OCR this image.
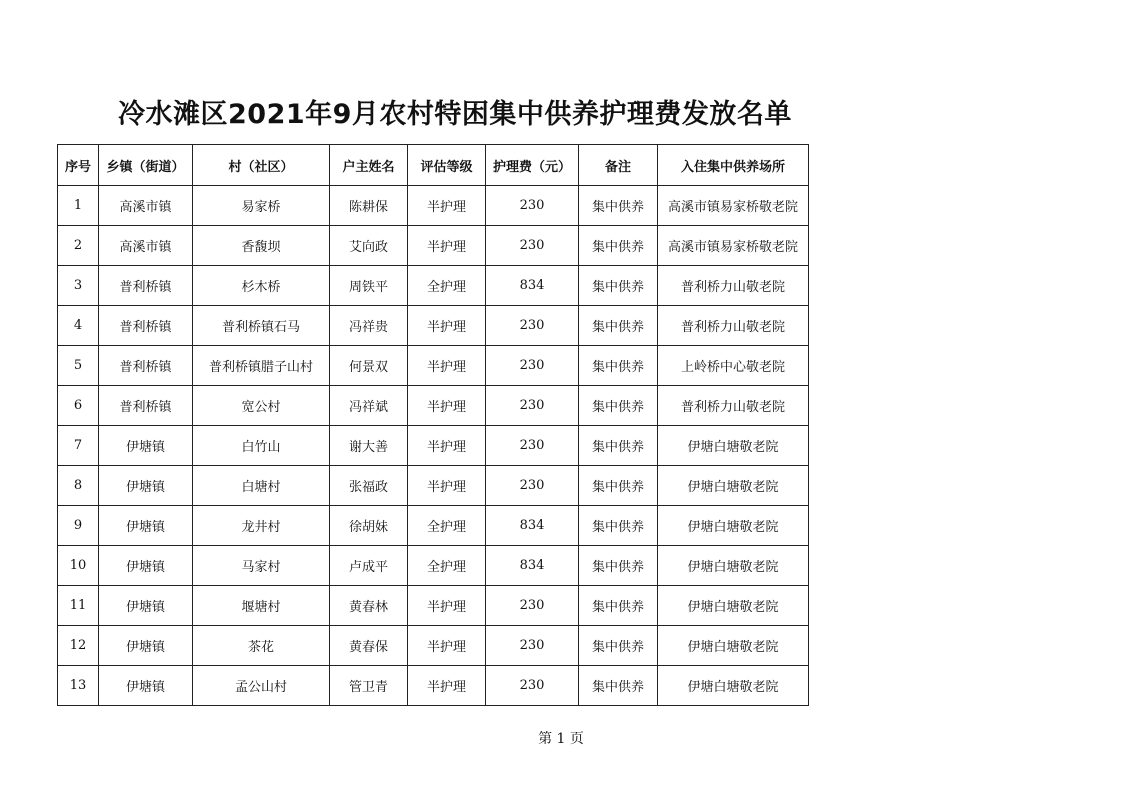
冷水滩区2021年9月农村特困集中供养护理费发放名单
序号	乡镇（街道）	村（社区）	户主姓名	评估等级	护理费（元）	备注	入住集中供养场所
1	高溪市镇	易家桥	陈耕保	半护理	230	集中供养	高溪市镇易家桥敬老院
2	高溪市镇	香馥坝	艾向政	半护理	230	集中供养	高溪市镇易家桥敬老院
3	普利桥镇	杉木桥	周铁平	全护理	834	集中供养	普利桥力山敬老院
4	普利桥镇	普利桥镇石马	冯祥贵	半护理	230	集中供养	普利桥力山敬老院
5	普利桥镇	普利桥镇腊子山村	何景双	半护理	230	集中供养	上岭桥中心敬老院
6	普利桥镇	宽公村	冯祥斌	半护理	230	集中供养	普利桥力山敬老院
7	伊塘镇	白竹山	谢大善	半护理	230	集中供养	伊塘白塘敬老院
8	伊塘镇	白塘村	张福政	半护理	230	集中供养	伊塘白塘敬老院
9	伊塘镇	龙井村	徐胡妹	全护理	834	集中供养	伊塘白塘敬老院
10	伊塘镇	马家村	卢成平	全护理	834	集中供养	伊塘白塘敬老院
11	伊塘镇	堰塘村	黄春林	半护理	230	集中供养	伊塘白塘敬老院
12	伊塘镇	茶花	黄春保	半护理	230	集中供养	伊塘白塘敬老院
13	伊塘镇	孟公山村	管卫青	半护理	230	集中供养	伊塘白塘敬老院
第 1 页
